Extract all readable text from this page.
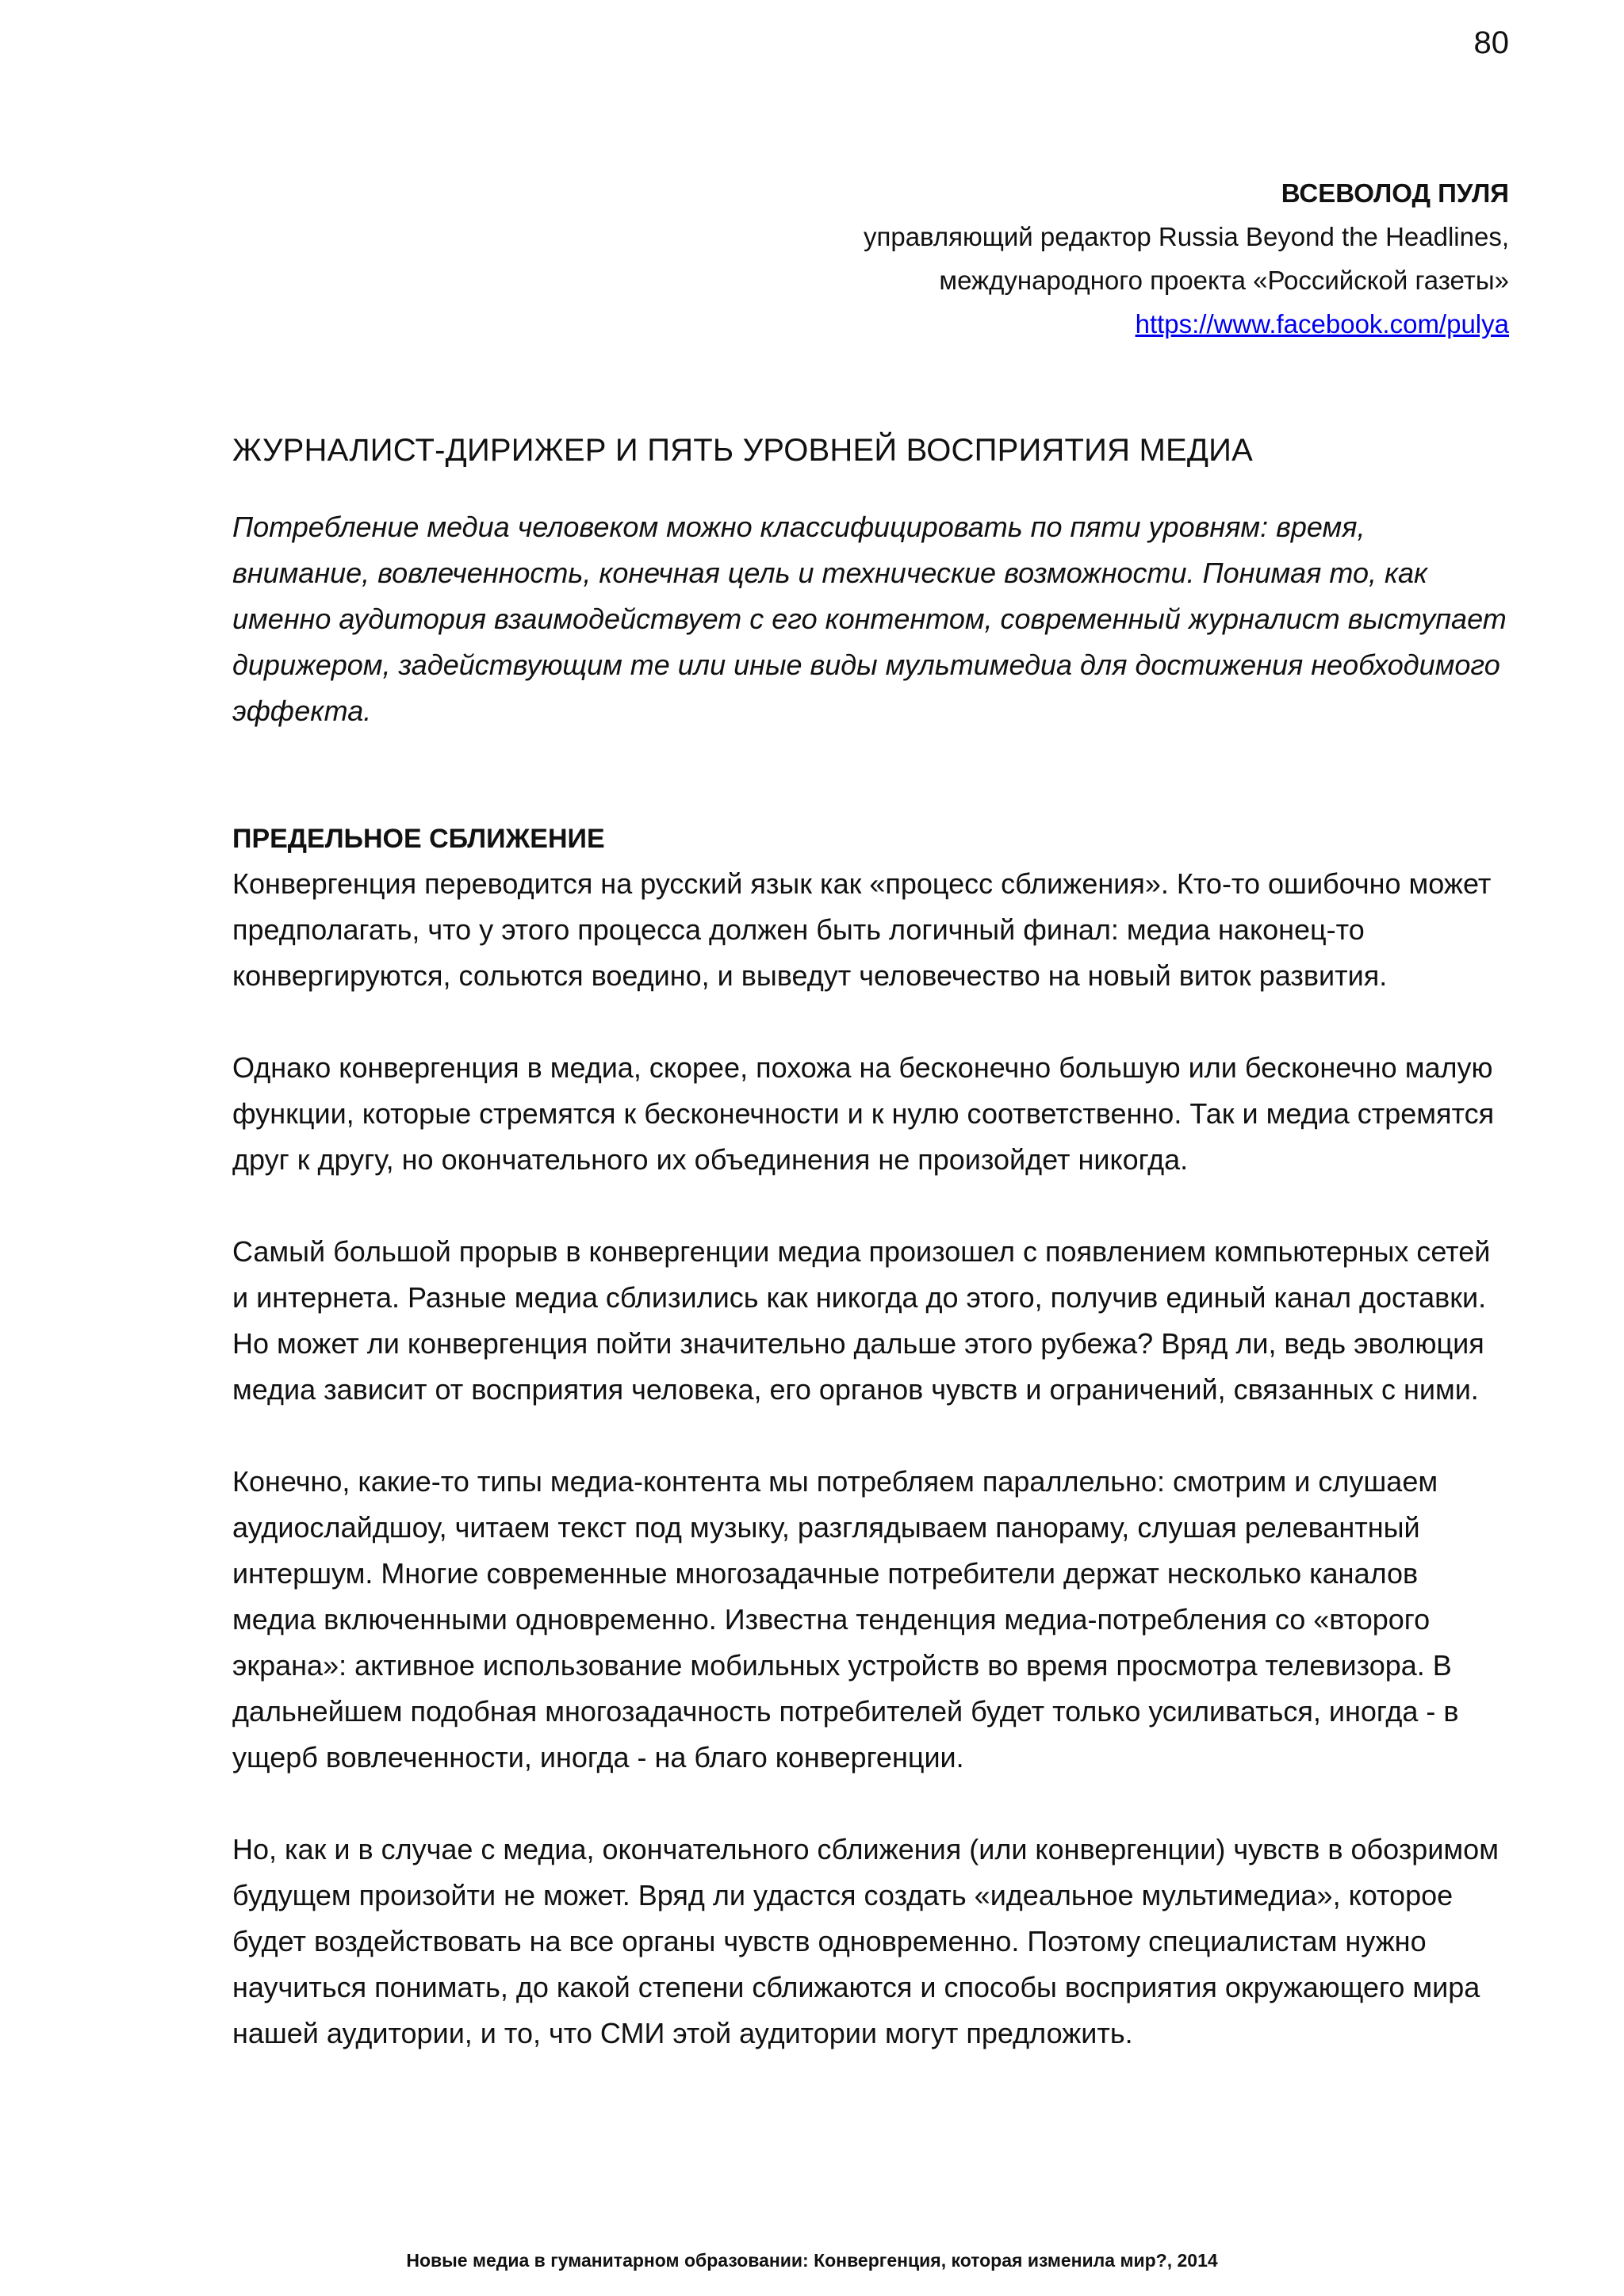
80

ВСЕВОЛОД ПУЛЯ

управляющий редактор Russia Beyond the Headlines,

международного проекта «Российской газеты»

https://www.facebook.com/pulya

ЖУРНАЛИСТ-ДИРИЖЕР И ПЯТЬ УРОВНЕЙ ВОСПРИЯТИЯ МЕДИА

Потребление медиа человеком можно классифицировать по пяти уровням: время, внимание, вовлеченность, конечная цель и технические возможности. Понимая то, как именно аудитория взаимодействует с его контентом, современный журналист выступает дирижером, задействующим те или иные виды мультимедиа для достижения необходимого эффекта.

ПРЕДЕЛЬНОЕ СБЛИЖЕНИЕ

Конвергенция переводится на русский язык как «процесс сближения». Кто-то ошибочно может предполагать, что у этого процесса должен быть логичный финал: медиа наконец-то конвергируются, сольются воедино, и выведут человечество на новый виток развития.

Однако конвергенция в медиа, скорее, похожа на бесконечно большую или бесконечно малую функции, которые стремятся к бесконечности и к нулю соответственно. Так и медиа стремятся друг к другу, но окончательного их объединения не произойдет никогда.

Самый большой прорыв в конвергенции медиа произошел с появлением компьютерных сетей и интернета. Разные медиа сблизились как никогда до этого, получив единый канал доставки. Но может ли конвергенция пойти значительно дальше этого рубежа? Вряд ли, ведь эволюция медиа зависит от восприятия человека, его органов чувств и ограничений, связанных с ними.

Конечно, какие-то типы медиа-контента мы потребляем параллельно: смотрим и слушаем аудиослайдшоу, читаем текст под музыку, разглядываем панораму, слушая релевантный интершум. Многие современные многозадачные потребители держат несколько каналов медиа включенными одновременно. Известна тенденция медиа-потребления со «второго экрана»: активное использование мобильных устройств во время просмотра телевизора. В дальнейшем подобная многозадачность потребителей будет только усиливаться, иногда - в ущерб вовлеченности, иногда - на благо конвергенции.

Но, как и в случае с медиа, окончательного сближения (или конвергенции) чувств в обозримом будущем произойти не может. Вряд ли удастся создать «идеальное мультимедиа», которое будет воздействовать на все органы чувств одновременно. Поэтому специалистам нужно научиться понимать, до какой степени сближаются и способы восприятия окружающего мира нашей аудитории, и то, что СМИ этой аудитории могут предложить.

Новые медиа в гуманитарном образовании: Конвергенция, которая изменила мир?, 2014
